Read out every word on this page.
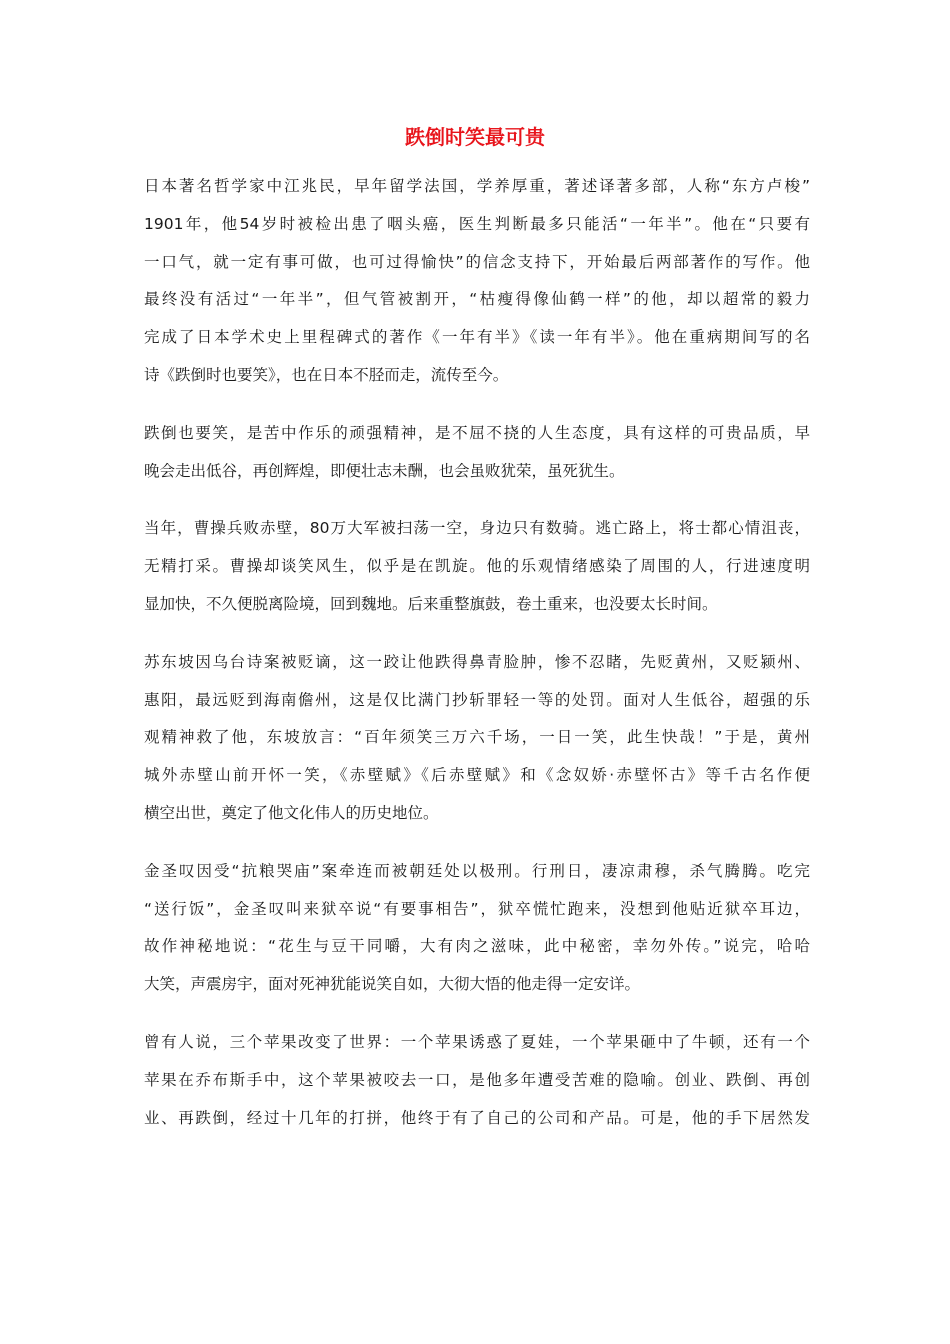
跌倒时笑最可贵
日本著名哲学家中江兆民，早年留学法国，学养厚重，著述译著多部，人称“东方卢梭”
1901年，他54岁时被检出患了咽头癌，医生判断最多只能活“一年半”。他在“只要有
一口气，就一定有事可做，也可过得愉快”的信念支持下，开始最后两部著作的写作。他
最终没有活过“一年半”，但气管被割开，“枯瘦得像仙鹤一样”的他，却以超常的毅力
完成了日本学术史上里程碑式的著作《一年有半》《读一年有半》。他在重病期间写的名
诗《跌倒时也要笑》，也在日本不胫而走，流传至今。
跌倒也要笑，是苦中作乐的顽强精神，是不屈不挠的人生态度，具有这样的可贵品质，早
晚会走出低谷，再创辉煌，即便壮志未酬，也会虽败犹荣，虽死犹生。
当年，曹操兵败赤壁，80万大军被扫荡一空，身边只有数骑。逃亡路上，将士都心情沮丧，
无精打采。曹操却谈笑风生，似乎是在凯旋。他的乐观情绪感染了周围的人，行进速度明
显加快，不久便脱离险境，回到魏地。后来重整旗鼓，卷土重来，也没要太长时间。
苏东坡因乌台诗案被贬谪，这一跤让他跌得鼻青脸肿，惨不忍睹，先贬黄州，又贬颍州、
惠阳，最远贬到海南儋州，这是仅比满门抄斩罪轻一等的处罚。面对人生低谷，超强的乐
观精神救了他，东坡放言：“百年须笑三万六千场，一日一笑，此生快哉！”于是，黄州
城外赤壁山前开怀一笑，《赤壁赋》《后赤壁赋》和《念奴娇·赤壁怀古》等千古名作便
横空出世，奠定了他文化伟人的历史地位。
金圣叹因受“抗粮哭庙”案牵连而被朝廷处以极刑。行刑日，凄凉肃穆，杀气腾腾。吃完
“送行饭”，金圣叹叫来狱卒说“有要事相告”，狱卒慌忙跑来，没想到他贴近狱卒耳边，
故作神秘地说：“花生与豆干同嚼，大有肉之滋味，此中秘密，幸勿外传。”说完，哈哈
大笑，声震房宇，面对死神犹能说笑自如，大彻大悟的他走得一定安详。
曾有人说，三个苹果改变了世界：一个苹果诱惑了夏娃，一个苹果砸中了牛顿，还有一个
苹果在乔布斯手中，这个苹果被咬去一口，是他多年遭受苦难的隐喻。创业、跌倒、再创
业、再跌倒，经过十几年的打拼，他终于有了自己的公司和产品。可是，他的手下居然发
